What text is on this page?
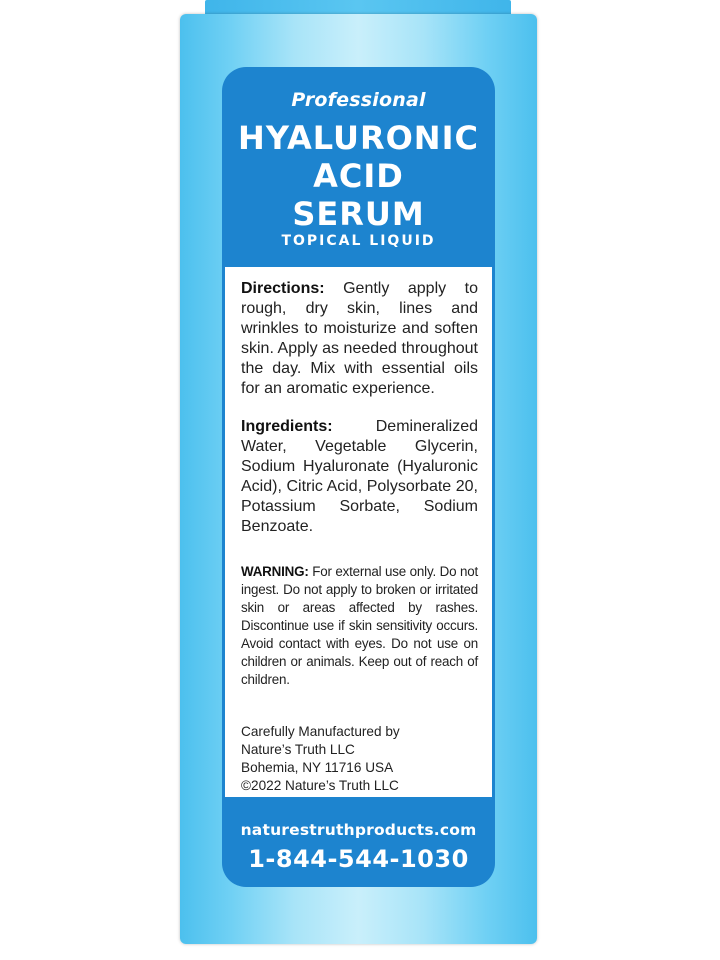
Professional
HYALURONIC
ACID
SERUM
TOPICAL LIQUID
Directions: Gently apply to rough, dry skin, lines and wrinkles to moisturize and soften skin. Apply as needed throughout the day. Mix with essential oils for an aromatic experience.
Ingredients:	Demineralized Water, Vegetable Glycerin, Sodium Hyaluronate (Hyaluronic Acid), Citric Acid, Polysorbate 20, Potassium Sorbate, Sodium Benzoate.
WARNING: For external use only. Do not ingest. Do not apply to broken or irritated skin or areas affected by rashes. Discontinue use if skin sensitivity occurs. Avoid contact with eyes. Do not use on children or animals. Keep out of reach of children.
Carefully Manufactured by
Nature’s Truth LLC
Bohemia, NY 11716 USA
©2022 Nature’s Truth LLC
naturestruthproducts.com
1-844-544-1030
